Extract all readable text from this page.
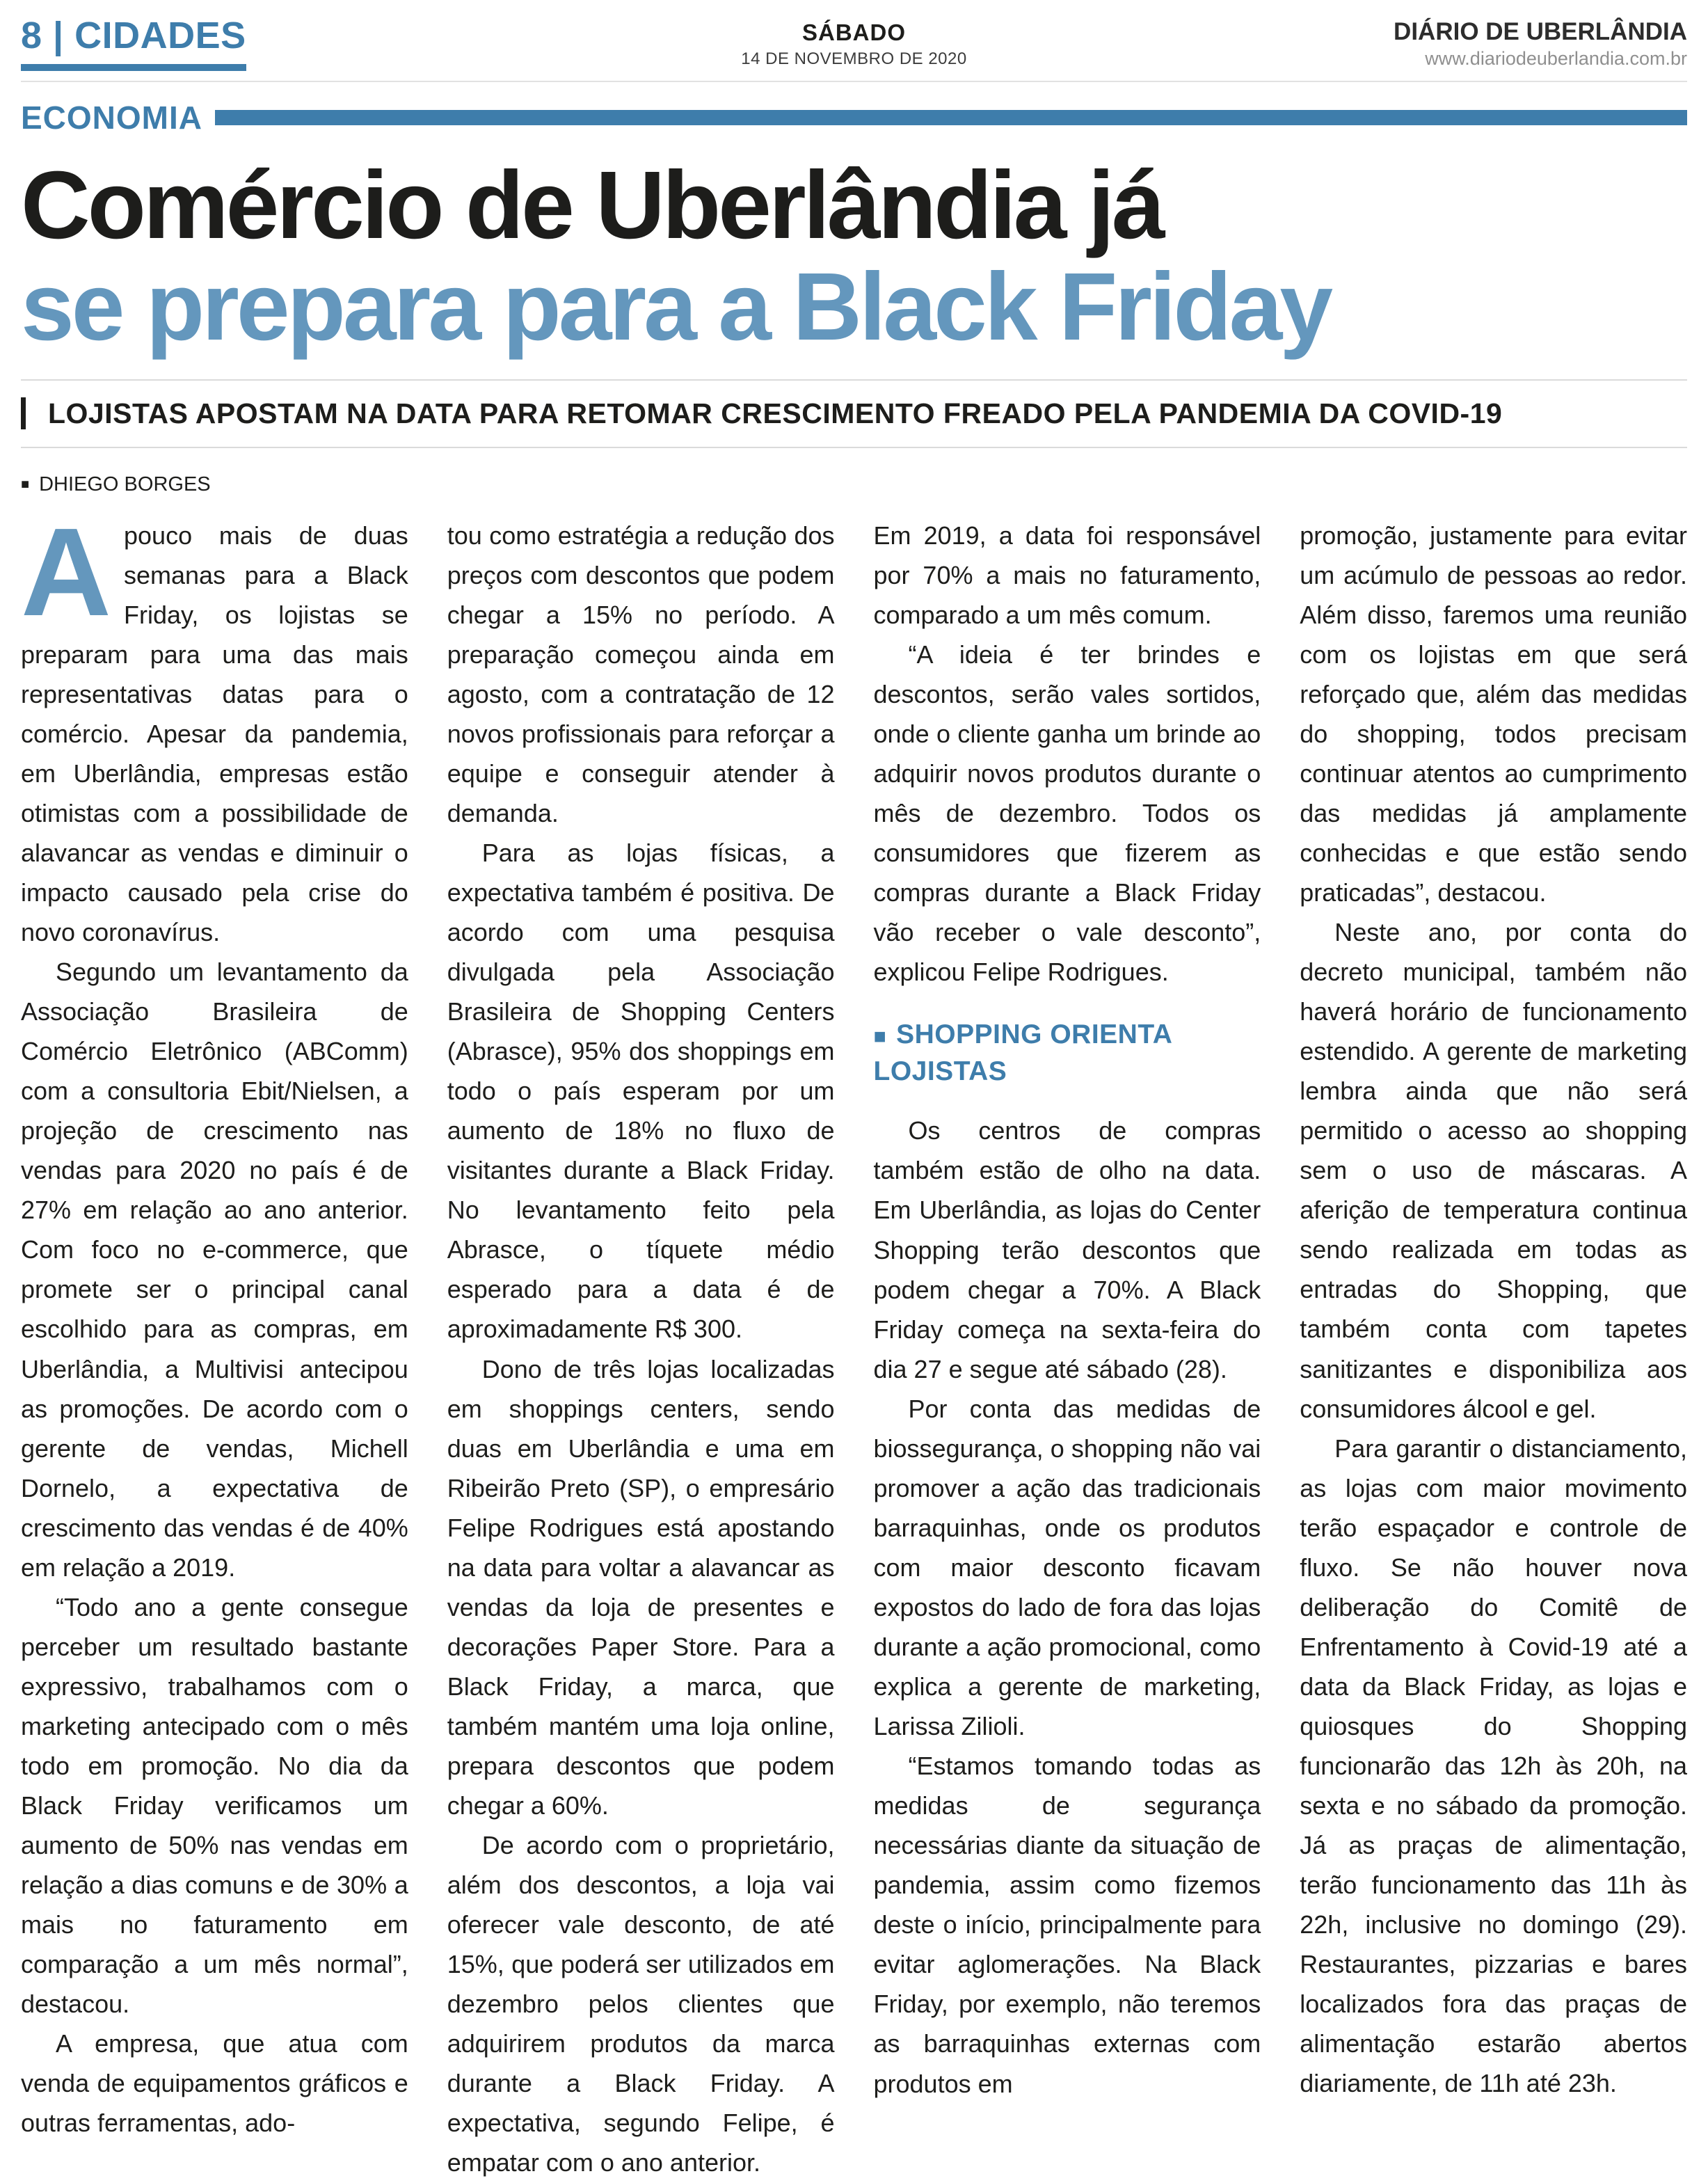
8 | CIDADES	SÁBADO
14 DE NOVEMBRO DE 2020
DIÁRIO DE UBERLÂNDIA
www.diariodeuberlandia.com.br
ECONOMIA
Comércio de Uberlândia já
se prepara para a Black Friday
LOJISTAS APOSTAM NA DATA PARA RETOMAR CRESCIMENTO FREADO PELA PANDEMIA DA COVID-19
■ DHIEGO BORGES

Apouco mais de duas semanas para a Black Friday, os lojistas se preparam para uma das mais representativas datas para o comércio. Apesar da pandemia, em Uberlândia, empresas estão otimistas com a possibilidade de alavancar as vendas e diminuir o impacto causado pela crise do novo coronavírus.

Segundo um levantamento da Associação Brasileira de Comércio Eletrônico (ABComm) com a consultoria Ebit/Nielsen, a projeção de crescimento nas vendas para 2020 no país é de 27% em relação ao ano anterior. Com foco no e-commerce, que promete ser o principal canal escolhido para as compras, em Uberlândia, a Multivisi antecipou as promoções. De acordo com o gerente de vendas, Michell Dornelo, a expectativa de crescimento das vendas é de 40% em relação a 2019.

“Todo ano a gente consegue perceber um resultado bastante expressivo, trabalhamos com o marketing antecipado com o mês todo em promoção. No dia da Black Friday verificamos um aumento de 50% nas vendas em relação a dias comuns e de 30% a mais no faturamento em comparação a um mês normal”, destacou.

A empresa, que atua com venda de equipamentos gráficos e outras ferramentas, ado-

tou como estratégia a redução dos preços com descontos que podem chegar a 15% no período. A preparação começou ainda em agosto, com a contratação de 12 novos profissionais para reforçar a equipe e conseguir atender à demanda.

Para as lojas físicas, a expectativa também é positiva. De acordo com uma pesquisa divulgada pela Associação Brasileira de Shopping Centers (Abrasce), 95% dos shoppings em todo o país esperam por um aumento de 18% no fluxo de visitantes durante a Black Friday. No levantamento feito pela Abrasce, o tíquete médio esperado para a data é de aproximadamente R$ 300.

Dono de três lojas localizadas em shoppings centers, sendo duas em Uberlândia e uma em Ribeirão Preto (SP), o empresário Felipe Rodrigues está apostando na data para voltar a alavancar as vendas da loja de presentes e decorações Paper Store. Para a Black Friday, a marca, que também mantém uma loja online, prepara descontos que podem chegar a 60%.

De acordo com o proprietário, além dos descontos, a loja vai oferecer vale desconto, de até 15%, que poderá ser utilizados em dezembro pelos clientes que adquirirem produtos da marca durante a Black Friday. A expectativa, segundo Felipe, é empatar com o ano anterior.

Em 2019, a data foi responsável por 70% a mais no faturamento, comparado a um mês comum.

“A ideia é ter brindes e descontos, serão vales sortidos, onde o cliente ganha um brinde ao adquirir novos produtos durante o mês de dezembro. Todos os consumidores que fizerem as compras durante a Black Friday vão receber o vale desconto”, explicou Felipe Rodrigues.

■ SHOPPING ORIENTA LOJISTAS

Os centros de compras também estão de olho na data. Em Uberlândia, as lojas do Center Shopping terão descontos que podem chegar a 70%. A Black Friday começa na sexta-feira do dia 27 e segue até sábado (28).

Por conta das medidas de biossegurança, o shopping não vai promover a ação das tradicionais barraquinhas, onde os produtos com maior desconto ficavam expostos do lado de fora das lojas durante a ação promocional, como explica a gerente de marketing, Larissa Zilioli.

“Estamos tomando todas as medidas de segurança necessárias diante da situação de pandemia, assim como fizemos deste o início, principalmente para evitar aglomerações. Na Black Friday, por exemplo, não teremos as barraquinhas externas com produtos em

promoção, justamente para evitar um acúmulo de pessoas ao redor. Além disso, faremos uma reunião com os lojistas em que será reforçado que, além das medidas do shopping, todos precisam continuar atentos ao cumprimento das medidas já amplamente conhecidas e que estão sendo praticadas”, destacou.

Neste ano, por conta do decreto municipal, também não haverá horário de funcionamento estendido. A gerente de marketing lembra ainda que não será permitido o acesso ao shopping sem o uso de máscaras. A aferição de temperatura continua sendo realizada em todas as entradas do Shopping, que também conta com tapetes sanitizantes e disponibiliza aos consumidores álcool e gel.

Para garantir o distanciamento, as lojas com maior movimento terão espaçador e controle de fluxo. Se não houver nova deliberação do Comitê de Enfrentamento à Covid-19 até a data da Black Friday, as lojas e quiosques do Shopping funcionarão das 12h às 20h, na sexta e no sábado da promoção. Já as praças de alimentação, terão funcionamento das 11h às 22h, inclusive no domingo (29). Restaurantes, pizzarias e bares localizados fora das praças de alimentação estarão abertos diariamente, de 11h até 23h.
